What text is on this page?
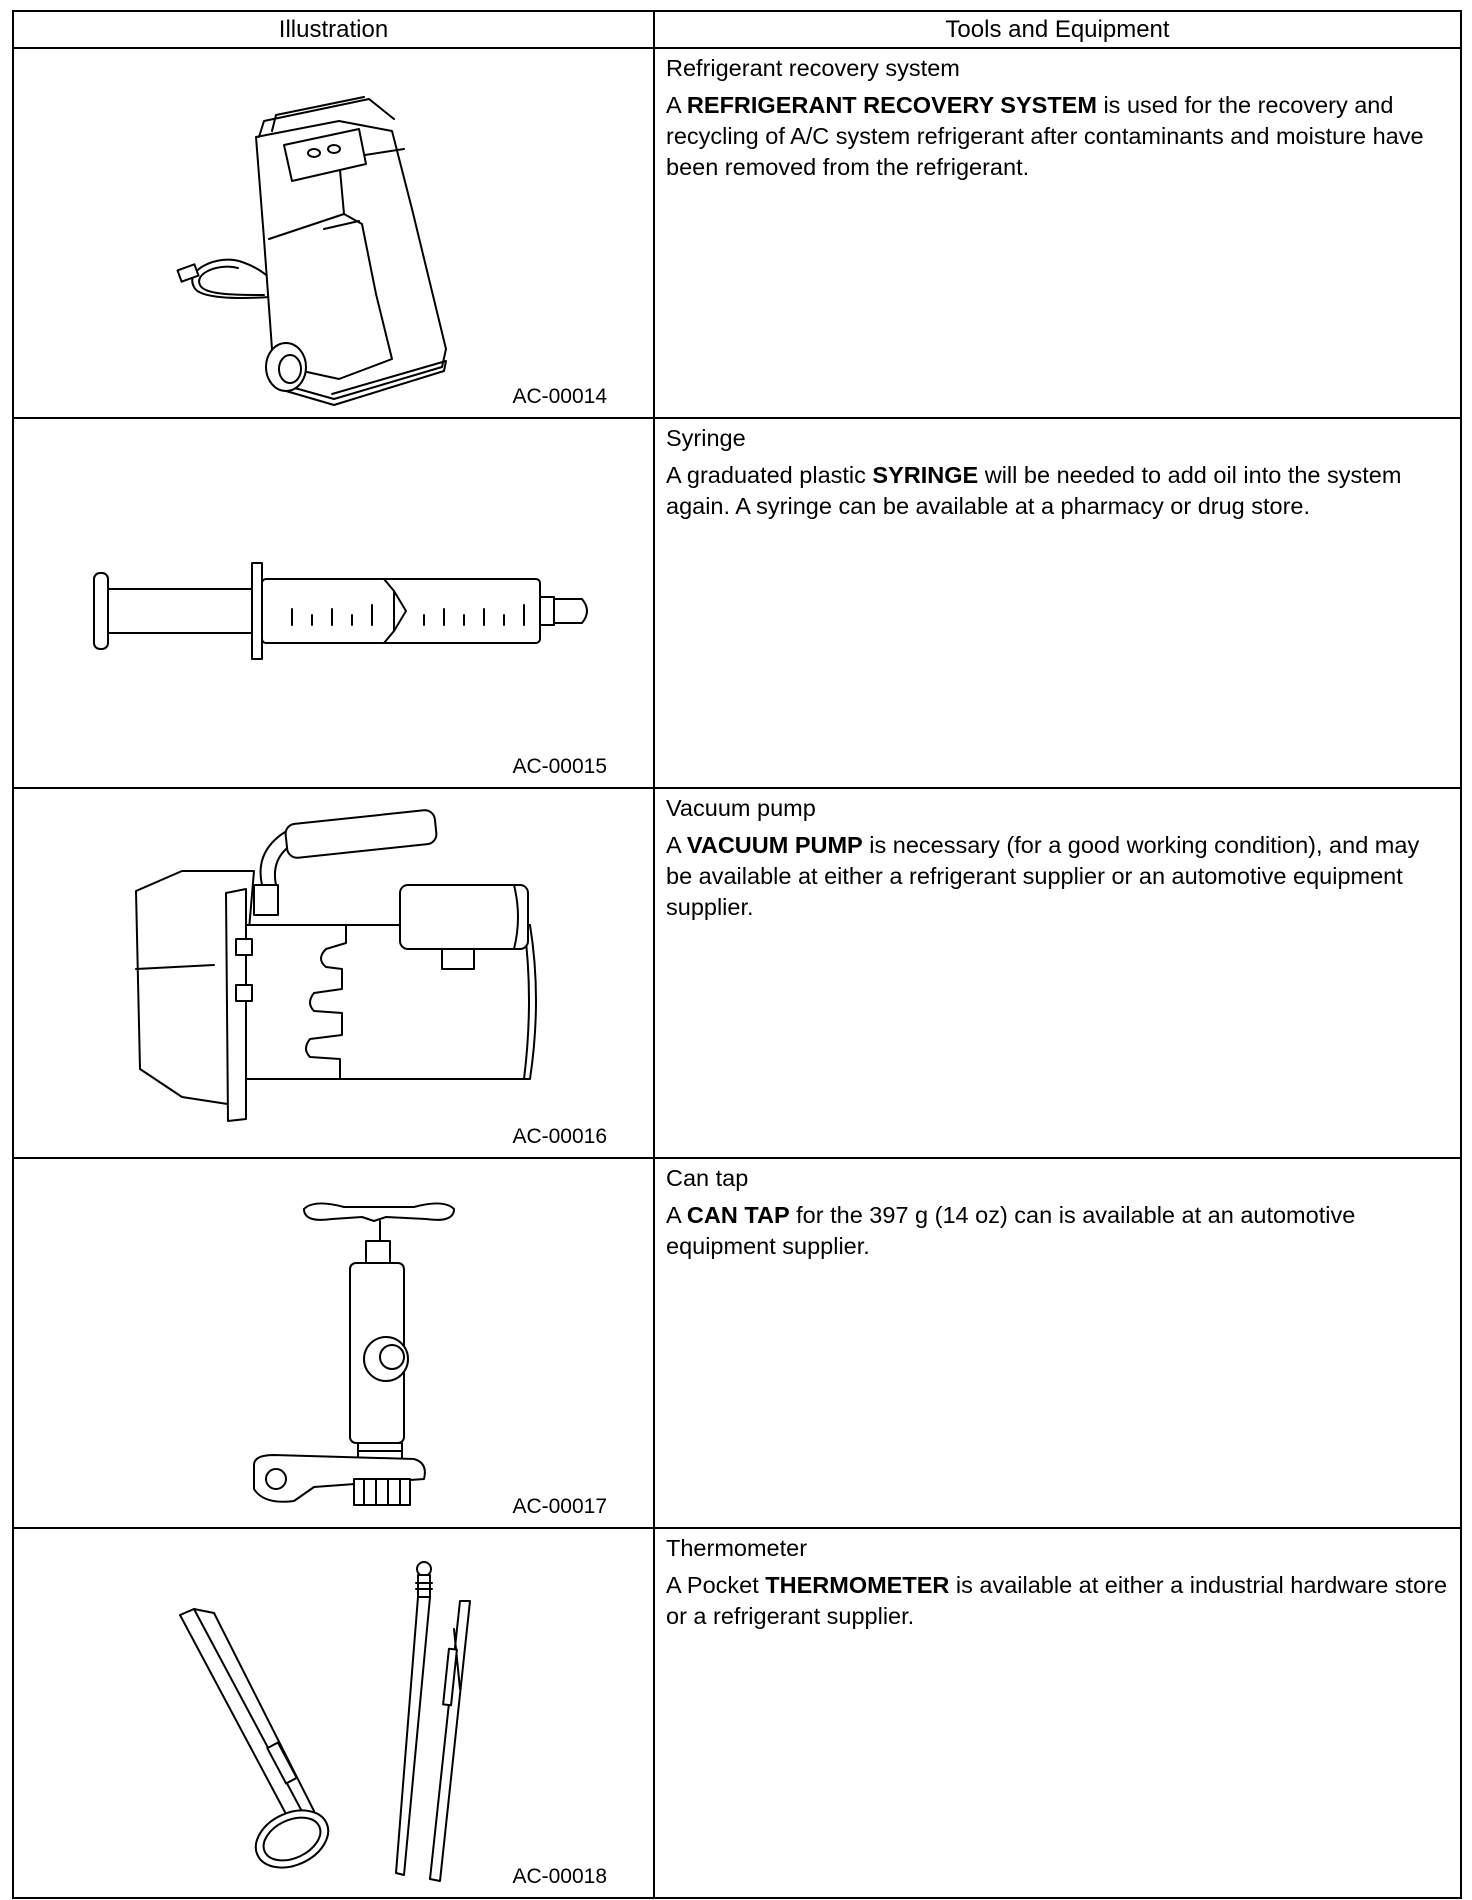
Illustration	Tools and Equipment

AC-00014	Refrigerant recovery system
A REFRIGERANT RECOVERY SYSTEM is used for the recovery and recycling of A/C system refrigerant after contaminants and moisture have been removed from the refrigerant.

AC-00015	Syringe
A graduated plastic SYRINGE will be needed to add oil into the system again. A syringe can be available at a pharmacy or drug store.

AC-00016	Vacuum pump
A VACUUM PUMP is necessary (for a good working condition), and may be available at either a refrigerant supplier or an automotive equipment supplier.

AC-00017	Can tap
A CAN TAP for the 397 g (14 oz) can is available at an automotive equipment supplier.

AC-00018	Thermometer
A Pocket THERMOMETER is available at either a industrial hardware store or a refrigerant supplier.
